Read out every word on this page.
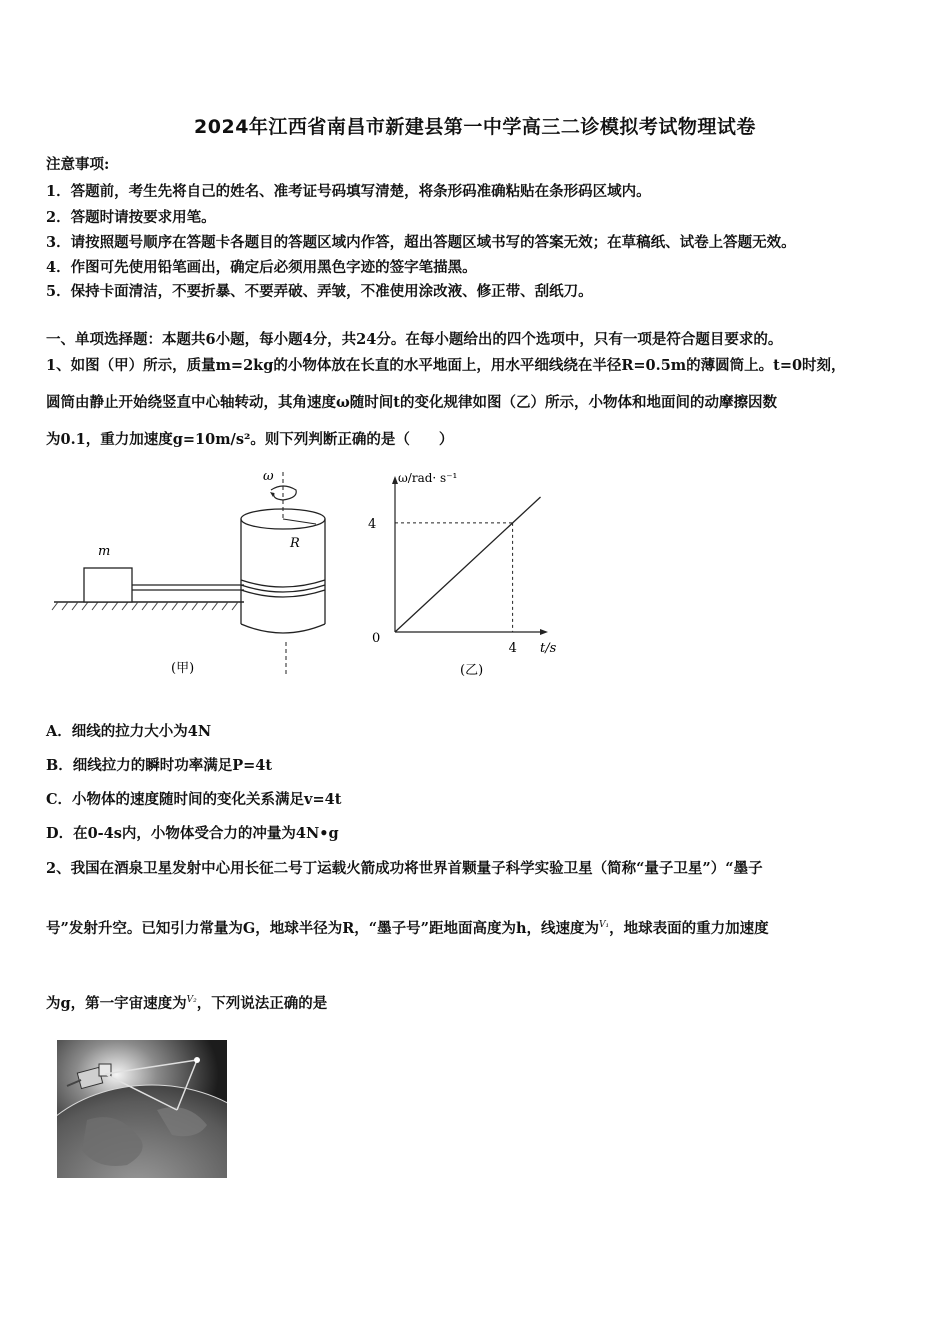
2024年江西省南昌市新建县第一中学高三二诊模拟考试物理试卷
注意事项:
1．答题前，考生先将自己的姓名、准考证号码填写清楚，将条形码准确粘贴在条形码区域内。
2．答题时请按要求用笔。
3．请按照题号顺序在答题卡各题目的答题区域内作答，超出答题区域书写的答案无效；在草稿纸、试卷上答题无效。
4．作图可先使用铅笔画出，确定后必须用黑色字迹的签字笔描黑。
5．保持卡面清洁，不要折暴、不要弄破、弄皱，不准使用涂改液、修正带、刮纸刀。
一、单项选择题：本题共6小题，每小题4分，共24分。在每小题给出的四个选项中，只有一项是符合题目要求的。
1、如图（甲）所示，质量m=2kg的小物体放在长直的水平地面上，用水平细线绕在半径R=0.5m的薄圆筒上。t=0时刻，
圆筒由静止开始绕竖直中心轴转动，其角速度ω随时间t的变化规律如图（乙）所示，小物体和地面间的动摩擦因数
为0.1，重力加速度g=10m/s²。则下列判断正确的是（　　）
m
ω
R
(甲)
4
4
0
ω/rad· s⁻¹
t/s
(乙)
A．细线的拉力大小为4N
B．细线拉力的瞬时功率满足P=4t
C．小物体的速度随时间的变化关系满足v=4t
D．在0-4s内，小物体受合力的冲量为4N•g
2、我国在酒泉卫星发射中心用长征二号丁运载火箭成功将世界首颗量子科学实验卫星（简称“量子卫星”）“墨子
号”发射升空。已知引力常量为G，地球半径为R，“墨子号”距地面高度为h，线速度为$^{V_1}$，地球表面的重力加速度
为g，第一宇宙速度为$^{V_2}$，下列说法正确的是
